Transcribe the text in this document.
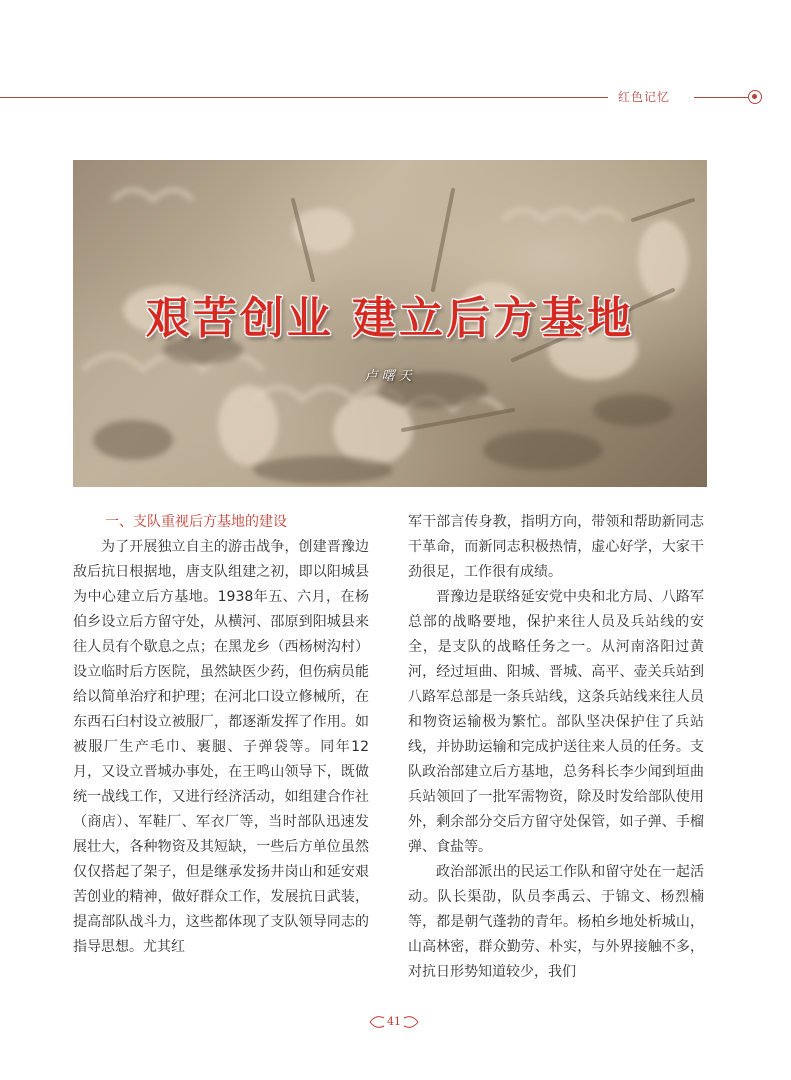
红色记忆
艰苦创业 建立后方基地
卢曙天

一、支队重视后方基地的建设

为了开展独立自主的游击战争，创建晋豫边敌后抗日根据地，唐支队组建之初，即以阳城县为中心建立后方基地。1938年五、六月，在杨伯乡设立后方留守处，从横河、邵原到阳城县来往人员有个歇息之点；在黑龙乡（西杨树沟村）设立临时后方医院，虽然缺医少药，但伤病员能给以简单治疗和护理；在河北口设立修械所，在东西石臼村设立被服厂，都逐渐发挥了作用。如被服厂生产毛巾、裹腿、子弹袋等。同年12月，又设立晋城办事处，在王鸣山领导下，既做统一战线工作，又进行经济活动，如组建合作社（商店）、军鞋厂、军衣厂等，当时部队迅速发展壮大，各种物资及其短缺，一些后方单位虽然仅仅搭起了架子，但是继承发扬井岗山和延安艰苦创业的精神，做好群众工作，发展抗日武装，提高部队战斗力，这些都体现了支队领导同志的指导思想。尤其红

军干部言传身教，指明方向，带领和帮助新同志干革命，而新同志积极热情，虚心好学，大家干劲很足，工作很有成绩。

晋豫边是联络延安党中央和北方局、八路军总部的战略要地，保护来往人员及兵站线的安全，是支队的战略任务之一。从河南洛阳过黄河，经过垣曲、阳城、晋城、高平、壶关兵站到八路军总部是一条兵站线，这条兵站线来往人员和物资运输极为繁忙。部队坚决保护住了兵站线，并协助运输和完成护送往来人员的任务。支队政治部建立后方基地，总务科长李少闻到垣曲兵站领回了一批军需物资，除及时发给部队使用外，剩余部分交后方留守处保管，如子弹、手榴弹、食盐等。

政治部派出的民运工作队和留守处在一起活动。队长渠劭，队员李禹云、于锦文、杨烈楠等，都是朝气蓬勃的青年。杨柏乡地处析城山，山高林密，群众勤劳、朴实，与外界接触不多，对抗日形势知道较少，我们

41
